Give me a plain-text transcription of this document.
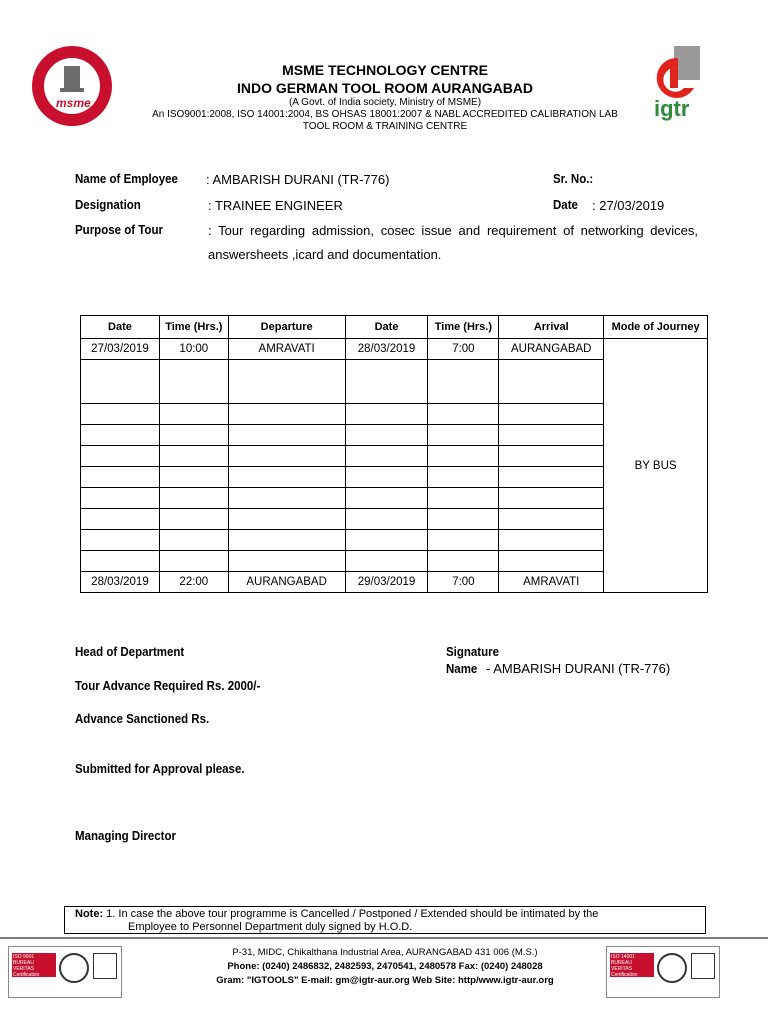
msme	igtr
MSME TECHNOLOGY CENTRE
INDO GERMAN TOOL ROOM AURANGABAD
(A Govt. of India society, Ministry of MSME)
An ISO9001:2008, ISO 14001:2004, BS OHSAS 18001:2007 & NABL ACCREDITED CALIBRATION LAB
TOOL ROOM & TRAINING CENTRE
Name of Employee : AMBARISH DURANI (TR-776)	Sr. No.:
Designation	: TRAINEE ENGINEER	Date : 27/03/2019
Purpose of Tour	: Tour regarding admission, cosec issue and requirement of networking devices, answersheets ,icard and documentation.
Date	Time (Hrs.)	Departure	Date	Time (Hrs.)	Arrival	Mode of Journey
27/03/2019	10:00	AMRAVATI	28/03/2019	7:00	AURANGABAD	BY BUS

28/03/2019	22:00	AURANGABAD	29/03/2019	7:00	AMRAVATI	
Head of Department	Signature
Name - AMBARISH DURANI (TR-776)
Tour Advance Required Rs. 2000/-
Advance Sanctioned Rs.
Submitted for Approval please.
Managing Director
Note: 1. In case the above tour programme is Cancelled / Postponed / Extended should be intimated by the
Employee to Personnel Department duly signed by H.O.D.
ISO 9001 BUREAU VERITAS Certification
ISO 14001 BUREAU VERITAS Certification
P-31, MIDC, Chikalthana Industrial Area, AURANGABAD 431 006 (M.S.)
Phone: (0240) 2486832, 2482593, 2470541, 2480578 Fax: (0240) 248028
Gram: "IGTOOLS" E-mail: gm@igtr-aur.org Web Site: http/www.igtr-aur.org
